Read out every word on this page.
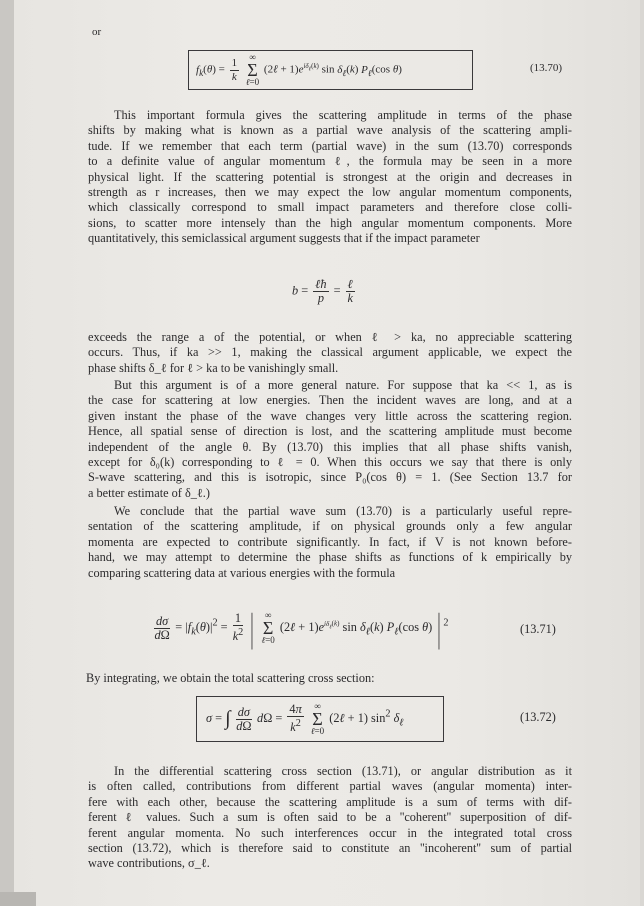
or
$f_k(\theta) = \frac{1}{k}$ ∞
Σ
ℓ=0 (2ℓ + $1)e^{i\delta_\ell(k)}$ $\sin \delta_\ell(k)$ $P_\ell(\cos$ θ)	(13.70)
This important formula gives the scattering amplitude in terms of the phase
shifts by making what is known as a partial wave analysis of the scattering ampli-
tude. If we remember that each term (partial wave) in the sum (13.70) corresponds
to a definite value of angular momentum ℓ, the formula may be seen in a more
physical light. If the scattering potential is strongest at the origin and decreases in
strength as r increases, then we may expect the low angular momentum components,
which classically correspond to small impact parameters and therefore close colli-
sions, to scatter more intensely than the high angular momentum components. More
quantitatively, this semiclassical argument suggests that if the impact parameter
$b = \frac{\text{ℓħ}}{p} = \frac{\text{ℓ}}{k}$
exceeds the range a of the potential, or when ℓ > ka, no appreciable scattering
occurs. Thus, if ka >> 1, making the classical argument applicable, we expect the
phase shifts δ_ℓ for ℓ > ka to be vanishingly small.
But this argument is of a more general nature. For suppose that ka << 1, as is
the case for scattering at low energies. Then the incident waves are long, and at a
given instant the phase of the wave changes very little across the scattering region.
Hence, all spatial sense of direction is lost, and the scattering amplitude must become
independent of the angle θ. By (13.70) this implies that all phase shifts vanish,
except for δ₀(k) corresponding to ℓ = 0. When this occurs we say that there is only
S-wave scattering, and this is isotropic, since P₀(cos θ) = 1. (See Section 13.7 for
a better estimate of δ_ℓ.)
We conclude that the partial wave sum (13.70) is a particularly useful repre-
sentation of the scattering amplitude, if on physical grounds only a few angular
momenta are expected to contribute significantly. In fact, if V is not known before-
hand, we may attempt to determine the phase shifts as functions of k empirically by
comparing scattering data at various energies with the formula
$\frac{d\sigma}{d\Omega} = |f_k(\theta)|^2 = \frac{1}{k^2}$ | ∞
Σ
ℓ=0 (2ℓ + $1)e^{i\delta_\ell(k)}$ $\sin \delta_\ell(k)$ $P_\ell(\cos$ θ) | $^2$	(13.71)
By integrating, we obtain the total scattering cross section:
σ = ∫ $\frac{d\sigma}{d\Omega}$ $d\Omega = \frac{4\pi}{k^2}$ ∞
Σ
ℓ=0 (2ℓ + 1) $\sin^2 \delta_\ell$	(13.72)
In the differential scattering cross section (13.71), or angular distribution as it
is often called, contributions from different partial waves (angular momenta) inter-
fere with each other, because the scattering amplitude is a sum of terms with dif-
ferent ℓ values. Such a sum is often said to be a ''coherent'' superposition of dif-
ferent angular momenta. No such interferences occur in the integrated total cross
section (13.72), which is therefore said to constitute an ''incoherent'' sum of partial
wave contributions, σ_ℓ.
